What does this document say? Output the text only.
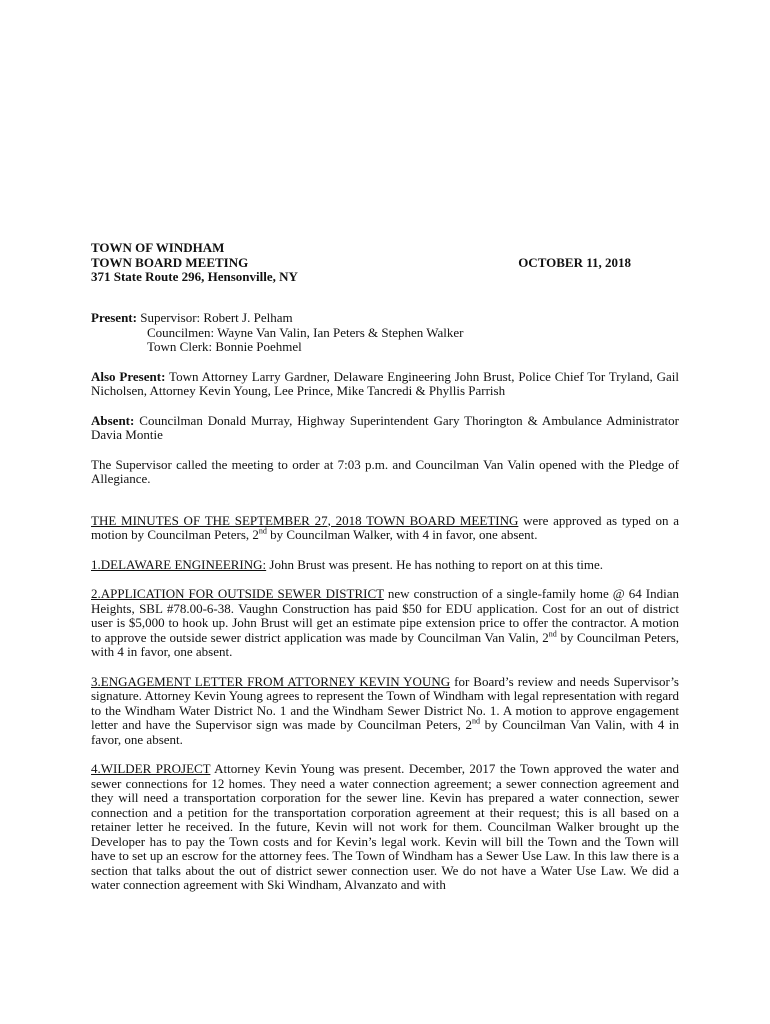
TOWN OF WINDHAM
TOWN BOARD MEETING	OCTOBER 11, 2018
371 State Route 296, Hensonville, NY

Present: Supervisor: Robert J. Pelham
Councilmen: Wayne Van Valin, Ian Peters & Stephen Walker
Town Clerk: Bonnie Poehmel

Also Present: Town Attorney Larry Gardner, Delaware Engineering John Brust, Police Chief Tor Tryland, Gail Nicholsen, Attorney Kevin Young, Lee Prince, Mike Tancredi & Phyllis Parrish

Absent: Councilman Donald Murray, Highway Superintendent Gary Thorington & Ambulance Administrator Davia Montie

The Supervisor called the meeting to order at 7:03 p.m. and Councilman Van Valin opened with the Pledge of Allegiance.

THE MINUTES OF THE SEPTEMBER 27, 2018 TOWN BOARD MEETING were approved as typed on a motion by Councilman Peters, 2nd by Councilman Walker, with 4 in favor, one absent.

1.DELAWARE ENGINEERING: John Brust was present. He has nothing to report on at this time.

2.APPLICATION FOR OUTSIDE SEWER DISTRICT new construction of a single-family home @ 64 Indian Heights, SBL #78.00-6-38. Vaughn Construction has paid $50 for EDU application. Cost for an out of district user is $5,000 to hook up. John Brust will get an estimate pipe extension price to offer the contractor. A motion to approve the outside sewer district application was made by Councilman Van Valin, 2nd by Councilman Peters, with 4 in favor, one absent.

3.ENGAGEMENT LETTER FROM ATTORNEY KEVIN YOUNG for Board’s review and needs Supervisor’s signature. Attorney Kevin Young agrees to represent the Town of Windham with legal representation with regard to the Windham Water District No. 1 and the Windham Sewer District No. 1. A motion to approve engagement letter and have the Supervisor sign was made by Councilman Peters, 2nd by Councilman Van Valin, with 4 in favor, one absent.

4.WILDER PROJECT Attorney Kevin Young was present. December, 2017 the Town approved the water and sewer connections for 12 homes. They need a water connection agreement; a sewer connection agreement and they will need a transportation corporation for the sewer line. Kevin has prepared a water connection, sewer connection and a petition for the transportation corporation agreement at their request; this is all based on a retainer letter he received. In the future, Kevin will not work for them. Councilman Walker brought up the Developer has to pay the Town costs and for Kevin’s legal work. Kevin will bill the Town and the Town will have to set up an escrow for the attorney fees. The Town of Windham has a Sewer Use Law. In this law there is a section that talks about the out of district sewer connection user. We do not have a Water Use Law. We did a water connection agreement with Ski Windham, Alvanzato and with
